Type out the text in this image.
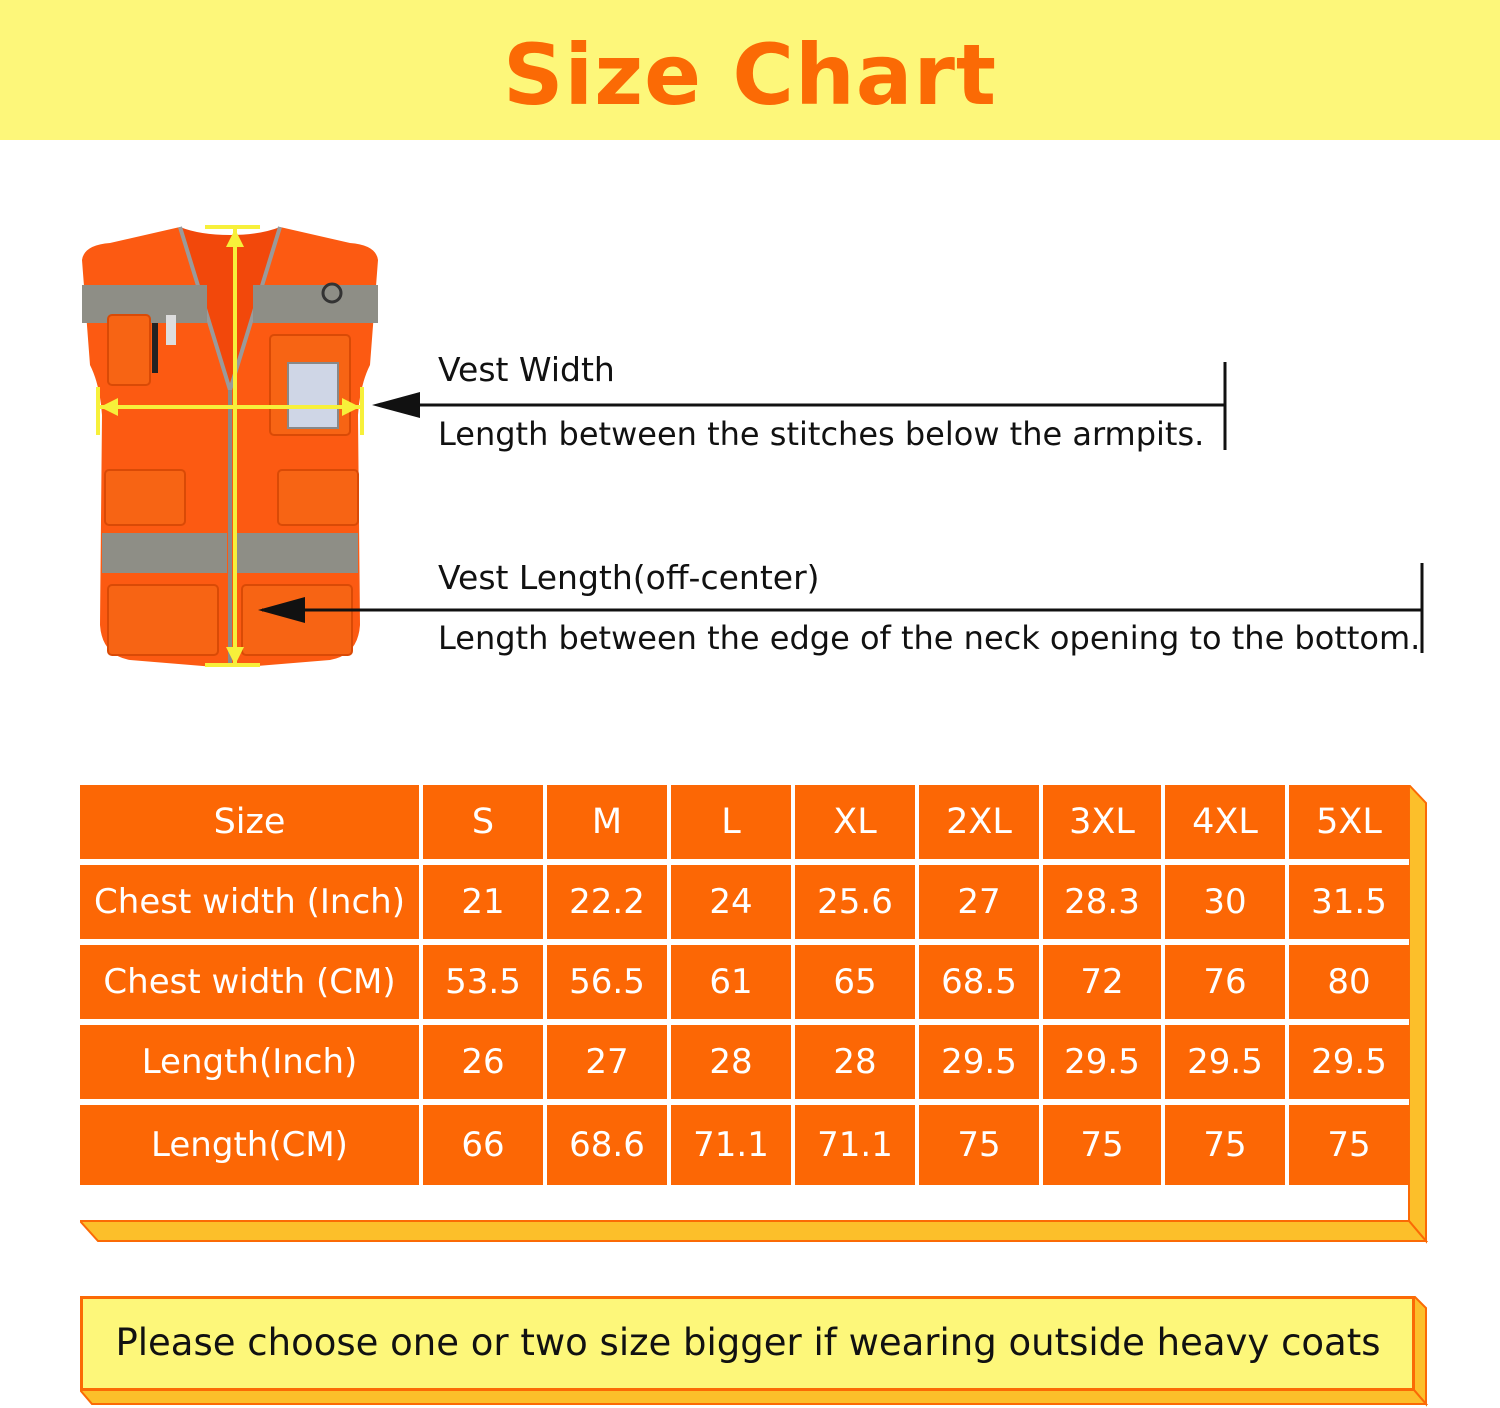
Size Chart
Vest Width
Length between the stitches below the armpits.
Vest Length(off-center)
Length between the edge of the neck opening to the bottom.
Size	S	M	L	XL	2XL	3XL	4XL	5XL
Chest width (Inch)	21	22.2	24	25.6	27	28.3	30	31.5
Chest width (CM)	53.5	56.5	61	65	68.5	72	76	80
Length(Inch)	26	27	28	28	29.5	29.5	29.5	29.5
Length(CM)	66	68.6	71.1	71.1	75	75	75	75
Please choose one or two size bigger if wearing outside heavy coats
